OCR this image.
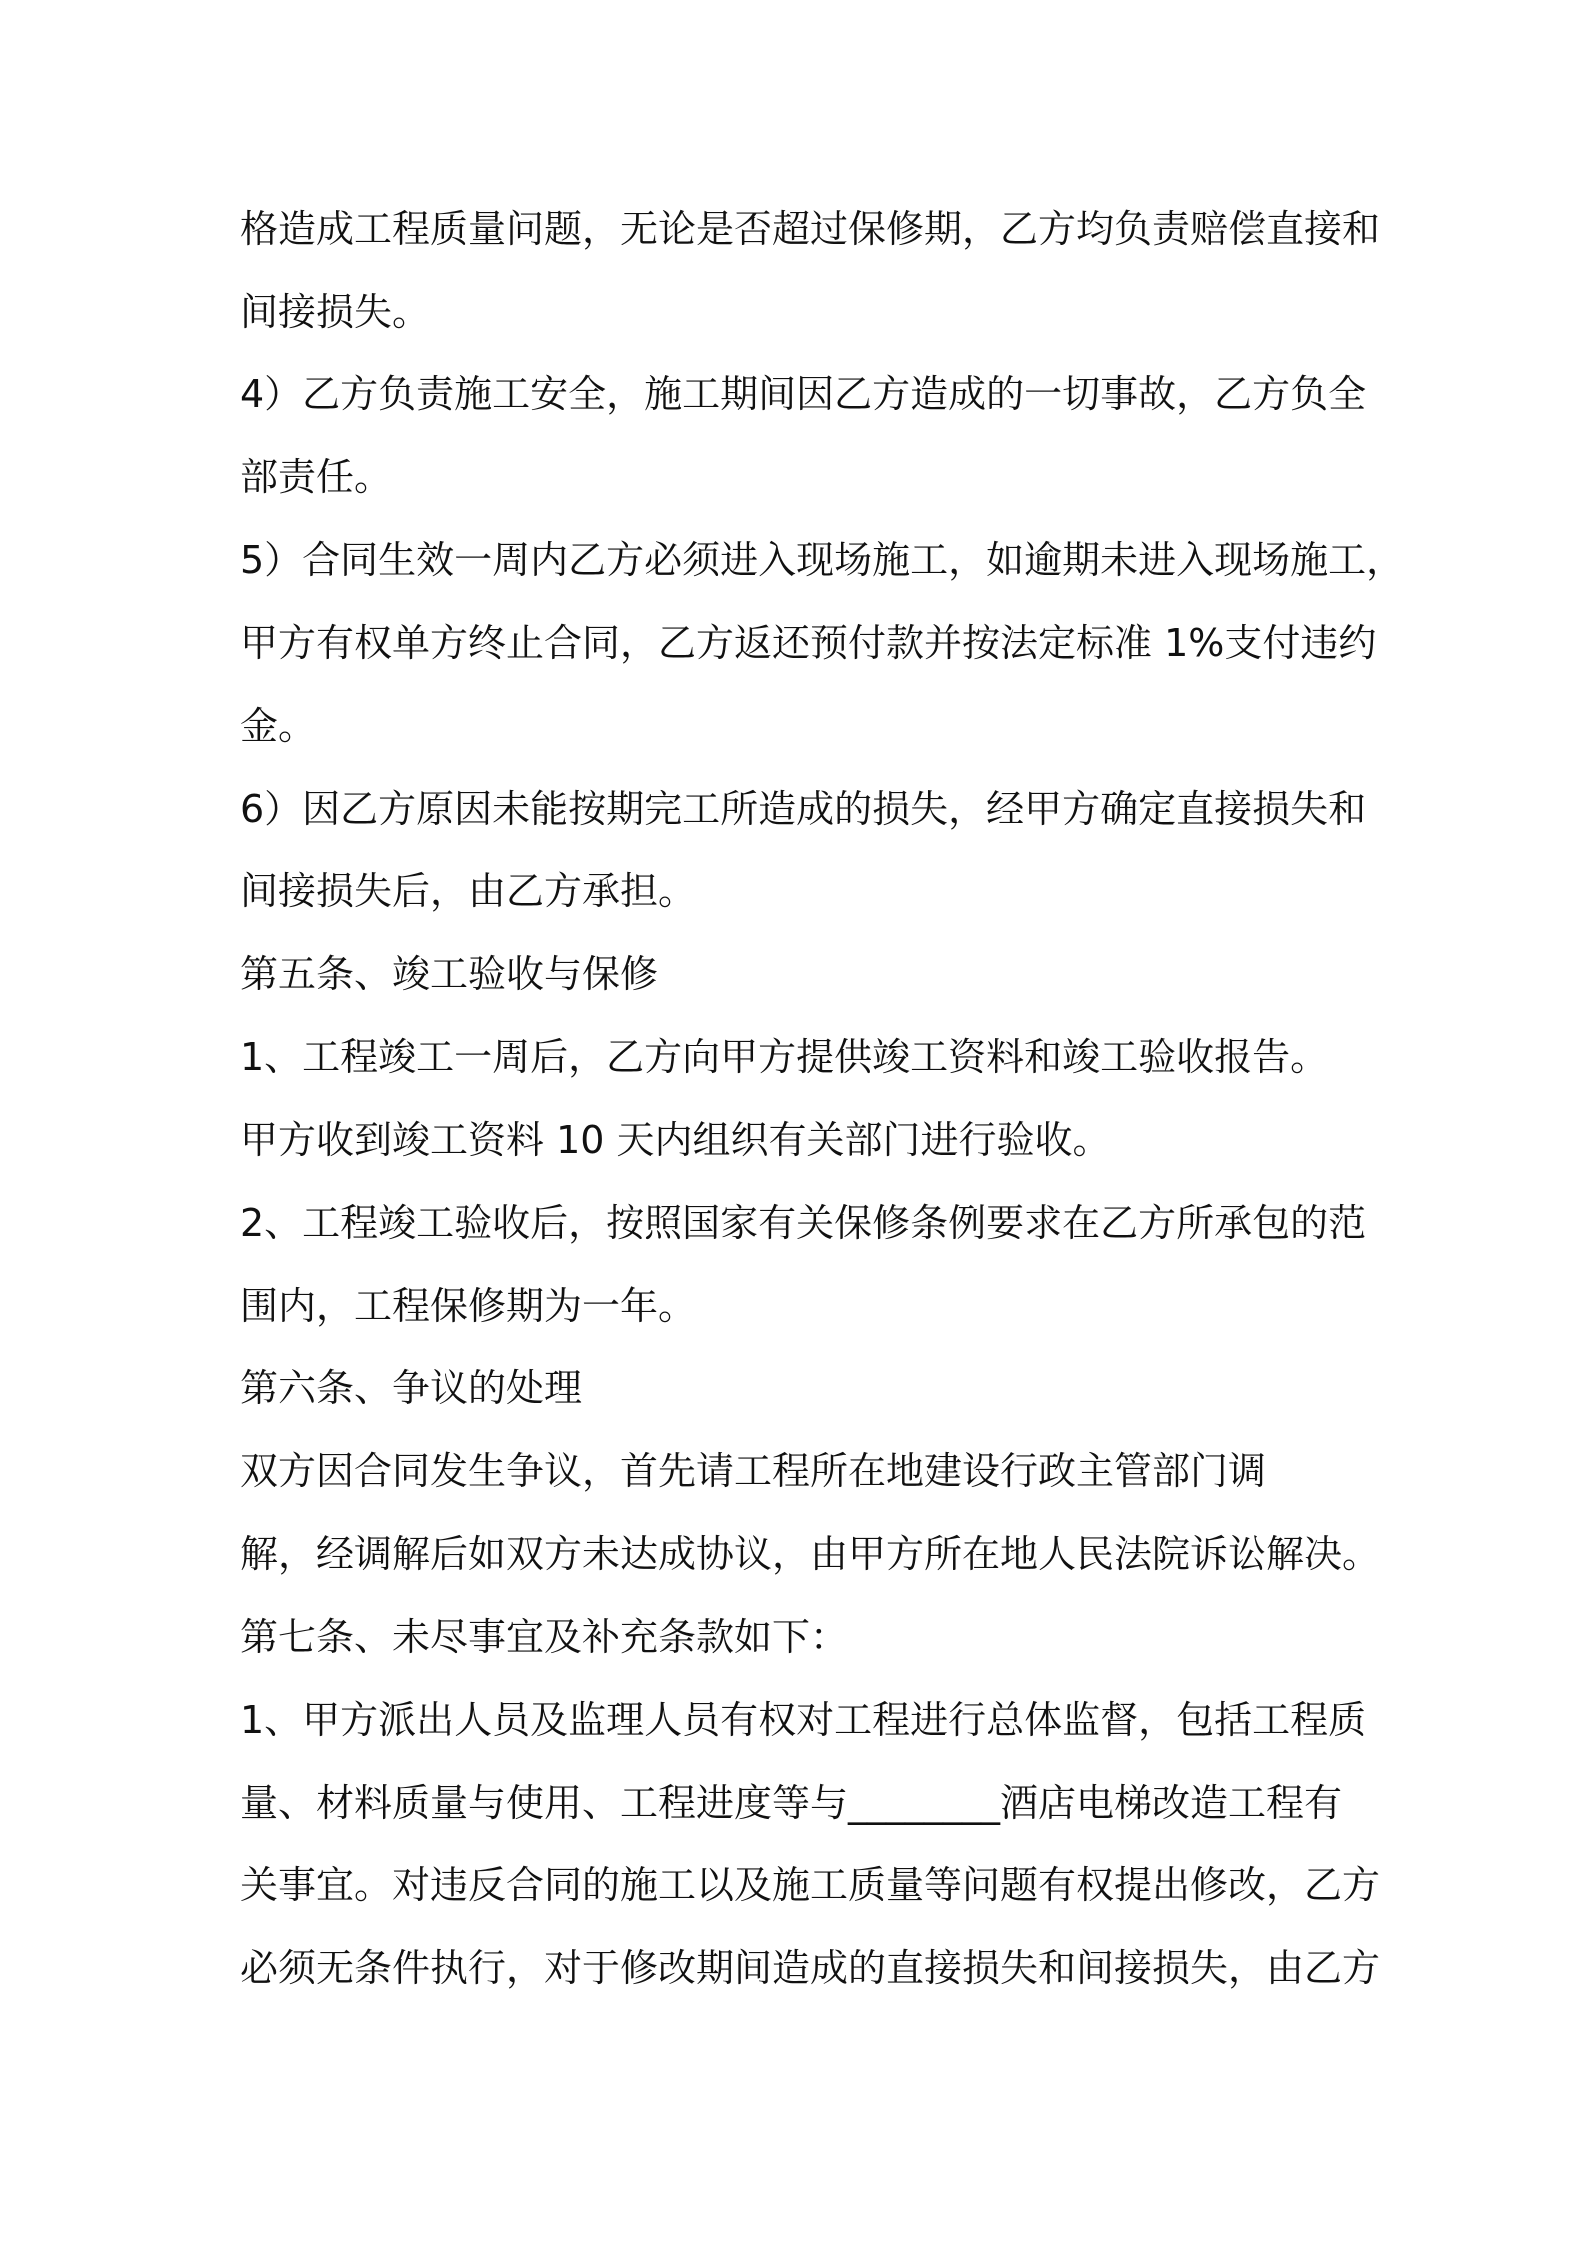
格造成工程质量问题，无论是否超过保修期，乙方均负责赔偿直接和
间接损失。
4）乙方负责施工安全，施工期间因乙方造成的一切事故，乙方负全
部责任。
5）合同生效一周内乙方必须进入现场施工，如逾期未进入现场施工，
甲方有权单方终止合同，乙方返还预付款并按法定标准 1%支付违约
金。
6）因乙方原因未能按期完工所造成的损失，经甲方确定直接损失和
间接损失后，由乙方承担。
第五条、竣工验收与保修
1、工程竣工一周后，乙方向甲方提供竣工资料和竣工验收报告。
甲方收到竣工资料 10 天内组织有关部门进行验收。
2、工程竣工验收后，按照国家有关保修条例要求在乙方所承包的范
围内，工程保修期为一年。
第六条、争议的处理
双方因合同发生争议，首先请工程所在地建设行政主管部门调
解，经调解后如双方未达成协议，由甲方所在地人民法院诉讼解决。
第七条、未尽事宜及补充条款如下：
1、甲方派出人员及监理人员有权对工程进行总体监督，包括工程质
量、材料质量与使用、工程进度等与________酒店电梯改造工程有
关事宜。对违反合同的施工以及施工质量等问题有权提出修改，乙方
必须无条件执行，对于修改期间造成的直接损失和间接损失，由乙方
